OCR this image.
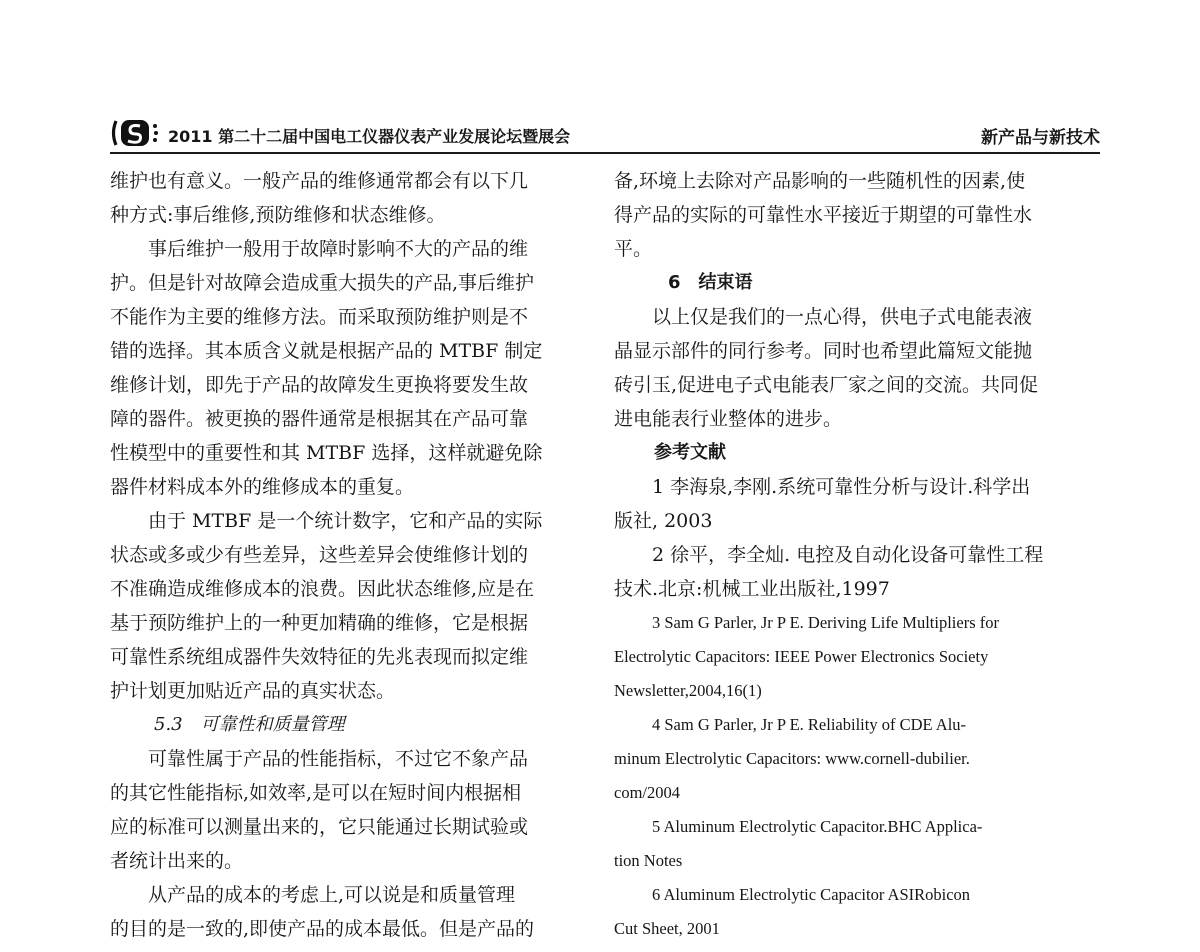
2011 第二十二届中国电工仪器仪表产业发展论坛暨展会	新产品与新技术
维护也有意义。一般产品的维修通常都会有以下几
种方式:事后维修,预防维修和状态维修。
事后维护一般用于故障时影响不大的产品的维
护。但是针对故障会造成重大损失的产品,事后维护
不能作为主要的维修方法。而采取预防维护则是不
错的选择。其本质含义就是根据产品的 MTBF 制定
维修计划，即先于产品的故障发生更换将要发生故
障的器件。被更换的器件通常是根据其在产品可靠
性模型中的重要性和其 MTBF 选择，这样就避免除
器件材料成本外的维修成本的重复。
由于 MTBF 是一个统计数字，它和产品的实际
状态或多或少有些差异，这些差异会使维修计划的
不准确造成维修成本的浪费。因此状态维修,应是在
基于预防维护上的一种更加精确的维修，它是根据
可靠性系统组成器件失效特征的先兆表现而拟定维
护计划更加贴近产品的真实状态。
5.3　可靠性和质量管理
可靠性属于产品的性能指标，不过它不象产品
的其它性能指标,如效率,是可以在短时间内根据相
应的标准可以测量出来的，它只能通过长期试验或
者统计出来的。
从产品的成本的考虑上,可以说是和质量管理
的目的是一致的,即使产品的成本最低。但是产品的
备,环境上去除对产品影响的一些随机性的因素,使
得产品的实际的可靠性水平接近于期望的可靠性水
平。
6　结束语
以上仅是我们的一点心得，供电子式电能表液
晶显示部件的同行参考。同时也希望此篇短文能抛
砖引玉,促进电子式电能表厂家之间的交流。共同促
进电能表行业整体的进步。
参考文献
1 李海泉,李刚.系统可靠性分析与设计.科学出
版社, 2003
2 徐平，李全灿. 电控及自动化设备可靠性工程
技术.北京:机械工业出版社,1997
3 Sam G Parler, Jr P E. Deriving Life Multipliers for
Electrolytic Capacitors: IEEE Power Electronics Society
Newsletter,2004,16(1)
4 Sam G Parler, Jr P E. Reliability of CDE Alu-
minum Electrolytic Capacitors: www.cornell-dubilier.
com/2004
5 Aluminum Electrolytic Capacitor.BHC Applica-
tion Notes
6 Aluminum Electrolytic Capacitor ASIRobicon
Cut Sheet, 2001
